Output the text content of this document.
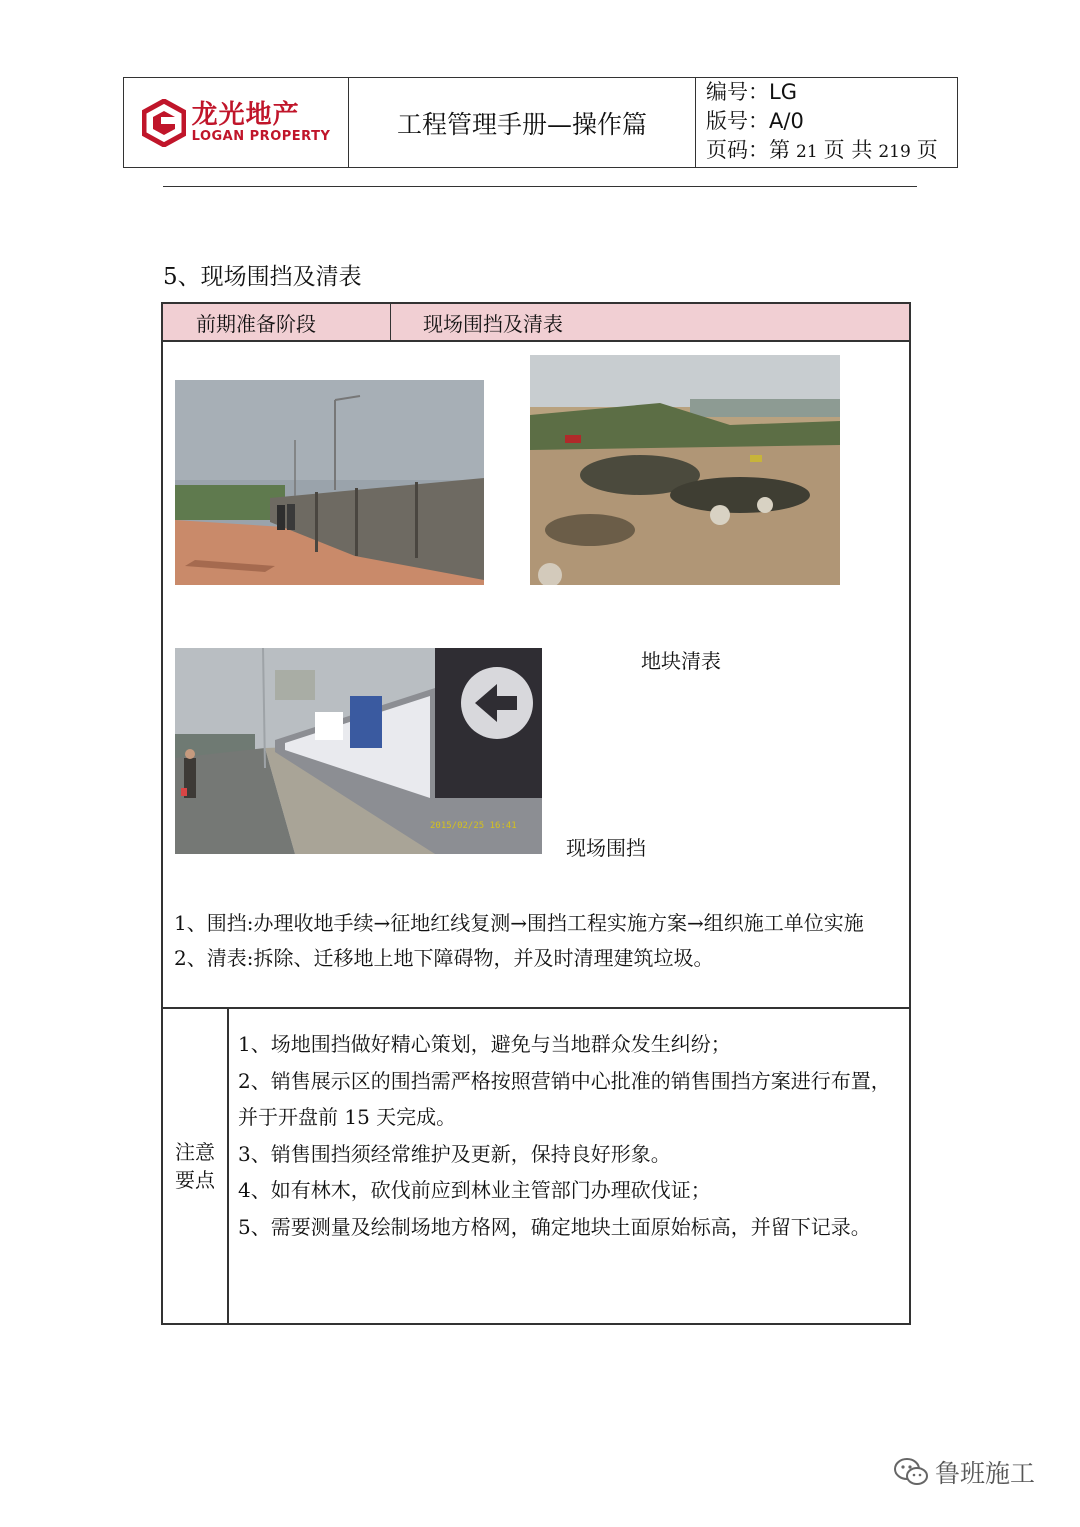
龙光地产
LOGAN PROPERTY	工程管理手册—操作篇
编号：LG
版号：A/0
页码：第 21 页 共 219 页
5、现场围挡及清表
前期准备阶段	现场围挡及清表
地块清表
2015/02/25 16:41
现场围挡
1、围挡:办理收地手续→征地红线复测→围挡工程实施方案→组织施工单位实施
2、清表:拆除、迁移地上地下障碍物，并及时清理建筑垃圾。
注意
要点
1、场地围挡做好精心策划，避免与当地群众发生纠纷；
2、销售展示区的围挡需严格按照营销中心批准的销售围挡方案进行布置，并于开盘前 15 天完成。
3、销售围挡须经常维护及更新，保持良好形象。
4、如有林木，砍伐前应到林业主管部门办理砍伐证；
5、需要测量及绘制场地方格网，确定地块土面原始标高，并留下记录。
鲁班施工
